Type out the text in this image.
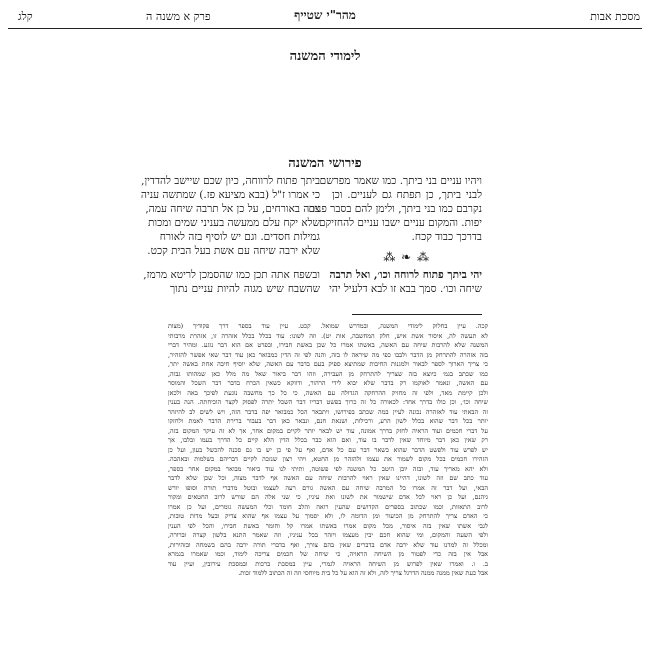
מסכת אבות
מהר"י שטייף
פרק א משנה ה
קלג
לימודי המשנה
פירושי המשנה
ויהיו עניים בני ביתך. כמו שאמר מפרשם
לבני ביתך, כן תפתח גם לעניים. וכן
נקרבם כמו בני ביתך, ולימן להם בסבר פנים
יפות. והמקום עניים ישבו עניים להחזיקם
בדרכך כבוד קכח.
ביתך פתוח לרווחה, כיון שכם שיישב להדדין,
כי אמרו ז"ל (בבא מציעא פז.) שמתשה עניה
צרה באורחים, על כן אל תרבה שיחה עמה,
שלא יקח עלם ממעשה בעניני שמים ומכות
גמילות חסדים. וגם יש לוסיף בזה לאורח
שלא ירבה שיחה עם אשת בעל הבית קכט.	⁂ ❧ ⁂
יהי ביתך פתוח לרוחה וכו׳, ואל תרבה
שיחה וכו׳. סמך בבא זו לבא דלעיל יהי
ובשפח אתה תכן כמו שהסמכן לריטא מרמז,
שהשבח שיש מגוה להיות עניים נתוך
קכה. עיין בחלוק לימודי המשנה, ובמדרש שמואל. קכט. עיין עוד בספר דרך פקודיך (מצות
לא תעשה לה, איסור אשת איש, חלק המחשבה, אות יט). וזה לשונו: עוד בכלל בכלל אזהרה זו, אזהרת מרבותי
המשנה שלא להרבות שיחה עם האשה, באשתו אמרו כל שכן באשת חבירו, ובפרט אם הוא דבר נוגע. ומהיר דברי
בזה אזהרה להתרחק מן הדבר ולבבו כפי מה שיראה לו בזה, והנה לפי זה הדין כמבואר כאן עוד דבר שאי אפשר להזהיר,
כי צריך הארוך לספר לבאור ולמגנות החיבות שמתיצא ספיק בעם בדבר עם האשה, שלא יוסיף חיבה אחת באשה יתר,
כמו שכתב בגמ׳ כיוצא בזה שצריך להתרחק מן העבירה, וזהו דבר ביאור שאל מה מלל כאן שמהותו גבוה,
עם האשה, ונאמר לאוקמו רק בדבר שלא יבוא לידי הרהור, ודווקא כשאין הכרח בדבר דבר השכל והמוסר
ולכן קיימת מאד, ולפי זה מחזיק ההרחקה הגדולה עם האשה, כי כל כך מחשבה נוגעת לפיכך באה ולכאן
שיחה וכו׳, וכן כולו בדרך אחד: לכאורה כל זה כרוך בפשט דבריו דבר השכל יתרה לפסוק לקצר הוכיחתה. הנה בענין
זה הבאתי עוד לאזהרה נכונה לעיין במה שכתב בפירושו, ויתבאר הכל כמבואר יפה בדבר הזה, ויש לשים לב להיזהר
יותר בכל דבר שהוא בכלל לשון הרע, ורכילות, ושנאת חנם, ונבאר כאן דבר בעבור ברירת הדבר לאמת ולחזקו
על דברי חכמים ועוד הראיה לחזק בדרך אמונה, עוד יש לבאר יותר לקיים במקום אחר, אך לא זה עיקר המקום בזה,
רק שאין כאן דבר מיוחד שאין לדבר בו עוד, ואם הוא כבר בכלל הדין הלא קיים כל הדרך בעמו ובלבו, אך
יש לפרש עוד ולפשט הדבר שהוא כשאר דבר עם כל אדם, ואף על פי כן יש בו גם סכנה להכשל בעון, ועל כן
הזהירו חכמים בכל מקום לשמור את עצמו ולהזהר מן החטא, ויהי רצון שנזכה לקיים דבריהם בשלמות ובאהבה.
ולא יהא מאריך עוד, ובזה יובן היטב כל המשנה לפי פשוטה, ותיתי לנו עוד ביאור מבואר במקום אחר בספר,
עוד כתב שם וזה לשונו, דהיינו שאין ראוי להרבות שיחה עם האשה אף לדבר מצוה, וכל שכן שלא לדבר
הבאי, ועל דבר זה אמרו כל המרבה שיחה עם האשה גורם רעה לעצמו ובוטל מדברי תורה וסופו יורש
גיהנם, ועל כן ראוי לכל אדם שישמור את לשונו ואת עיניו, כי שני אלה הם שורש לרוב החטאים ומקור
לרוב התאוות, וכמו שכתוב בספרים הקדושים שהעין רואה והלב חומד וכלי המעשה גומרים, ועל כן אמרו
כי האדם צריך להתרחק מן הכיעור ומן הדומה לו, ולא יסמוך על עצמו אף שהוא צדיק ובעל מדות טובות,
לגבי אשתו שאין בזה איסור, מכל מקום אמרו באשתו אמרו קל וחומר באשת חבירו, והכל לפי הענין
ולפי השעה והמקום, ומי שהוא חכם יבין מעצמו ויזהר בכל עניניו, וזה שאמר התנא בלשון קצרה וברורה,
ומכלל זה למדנו עוד שלא ירבה אדם בדברים שאין בהם צורך, ואף בדברי תורה ירבה בהם בשמחה ובזהירות,
אבל אין בזה כדי לפטור מן השיחה הראויה, כי שיחה של חכמים צריכה לימוד, וכמו שאמרו בגמרא
ב. ו. ואמרו שאין לפרוש מן השיחה הראויה לגמרי, עיין במסכת ברכות ובמסכת עירובין, ועיין עוד
אבל כעת שאין ממנה ממנה הדרגל צריך לזה, ולא זה הוא על כל בית מיוחסי וזה זה הכתוב ללמוד זכות.
